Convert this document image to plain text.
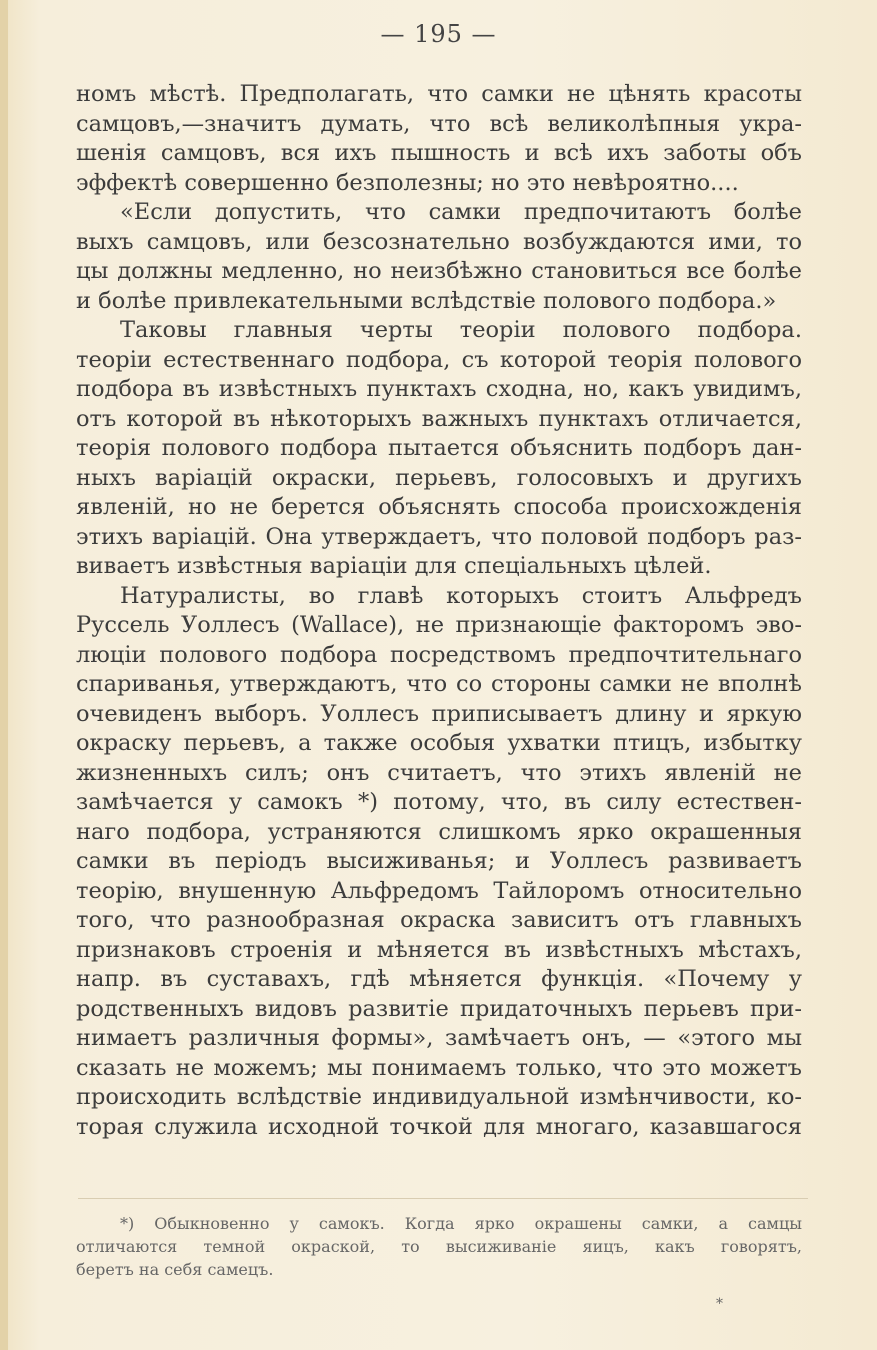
— 195 —
номъ мѣстѣ. Предполагать, что самки не цѣнять красоты
самцовъ,—значитъ думать, что всѣ великолѣпныя укра-
шенія самцовъ, вся ихъ пышность и всѣ ихъ заботы объ
эффектѣ совершенно безполезны; но это невѣроятно....
«Если допустить, что самки предпочитаютъ болѣе
выхъ самцовъ, или безсознательно возбуждаются ими, то
цы должны медленно, но неизбѣжно становиться все болѣе
и болѣе привлекательными вслѣдствіе полового подбора.»
Таковы главныя черты теоріи полового подбора.
теоріи естественнаго подбора, съ которой теорія полового
подбора въ извѣстныхъ пунктахъ сходна, но, какъ увидимъ,
отъ которой въ нѣкоторыхъ важныхъ пунктахъ отличается,
теорія полового подбора пытается объяснить подборъ дан-
ныхъ варіацій окраски, перьевъ, голосовыхъ и другихъ
явленій, но не берется объяснять способа происхожденія
этихъ варіацій. Она утверждаетъ, что половой подборъ раз-
виваетъ извѣстныя варіаціи для спеціальныхъ цѣлей.
Натуралисты, во главѣ которыхъ стоитъ Альфредъ
Руссель Уоллесъ (Wallace), не признающіе факторомъ эво-
люціи полового подбора посредствомъ предпочтительнаго
спариванья, утверждаютъ, что со стороны самки не вполнѣ
очевиденъ выборъ. Уоллесъ приписываетъ длину и яркую
окраску перьевъ, а также особыя ухватки птицъ, избытку
жизненныхъ силъ; онъ считаетъ, что этихъ явленій не
замѣчается у самокъ *) потому, что, въ силу естествен-
наго подбора, устраняются слишкомъ ярко окрашенныя
самки въ періодъ высиживанья; и Уоллесъ развиваетъ
теорію, внушенную Альфредомъ Тайлоромъ относительно
того, что разнообразная окраска зависитъ отъ главныхъ
признаковъ строенія и мѣняется въ извѣстныхъ мѣстахъ,
напр. въ суставахъ, гдѣ мѣняется функція. «Почему у
родственныхъ видовъ развитіе придаточныхъ перьевъ при-
нимаетъ различныя формы», замѣчаетъ онъ, — «этого мы
сказать не можемъ; мы понимаемъ только, что это можетъ
происходить вслѣдствіе индивидуальной измѣнчивости, ко-
торая служила исходной точкой для многаго, казавшагося
*) Обыкновенно у самокъ. Когда ярко окрашены самки, а самцы
отличаются темной окраской, то высиживаніе яицъ, какъ говорятъ,
беретъ на себя самецъ.
*
